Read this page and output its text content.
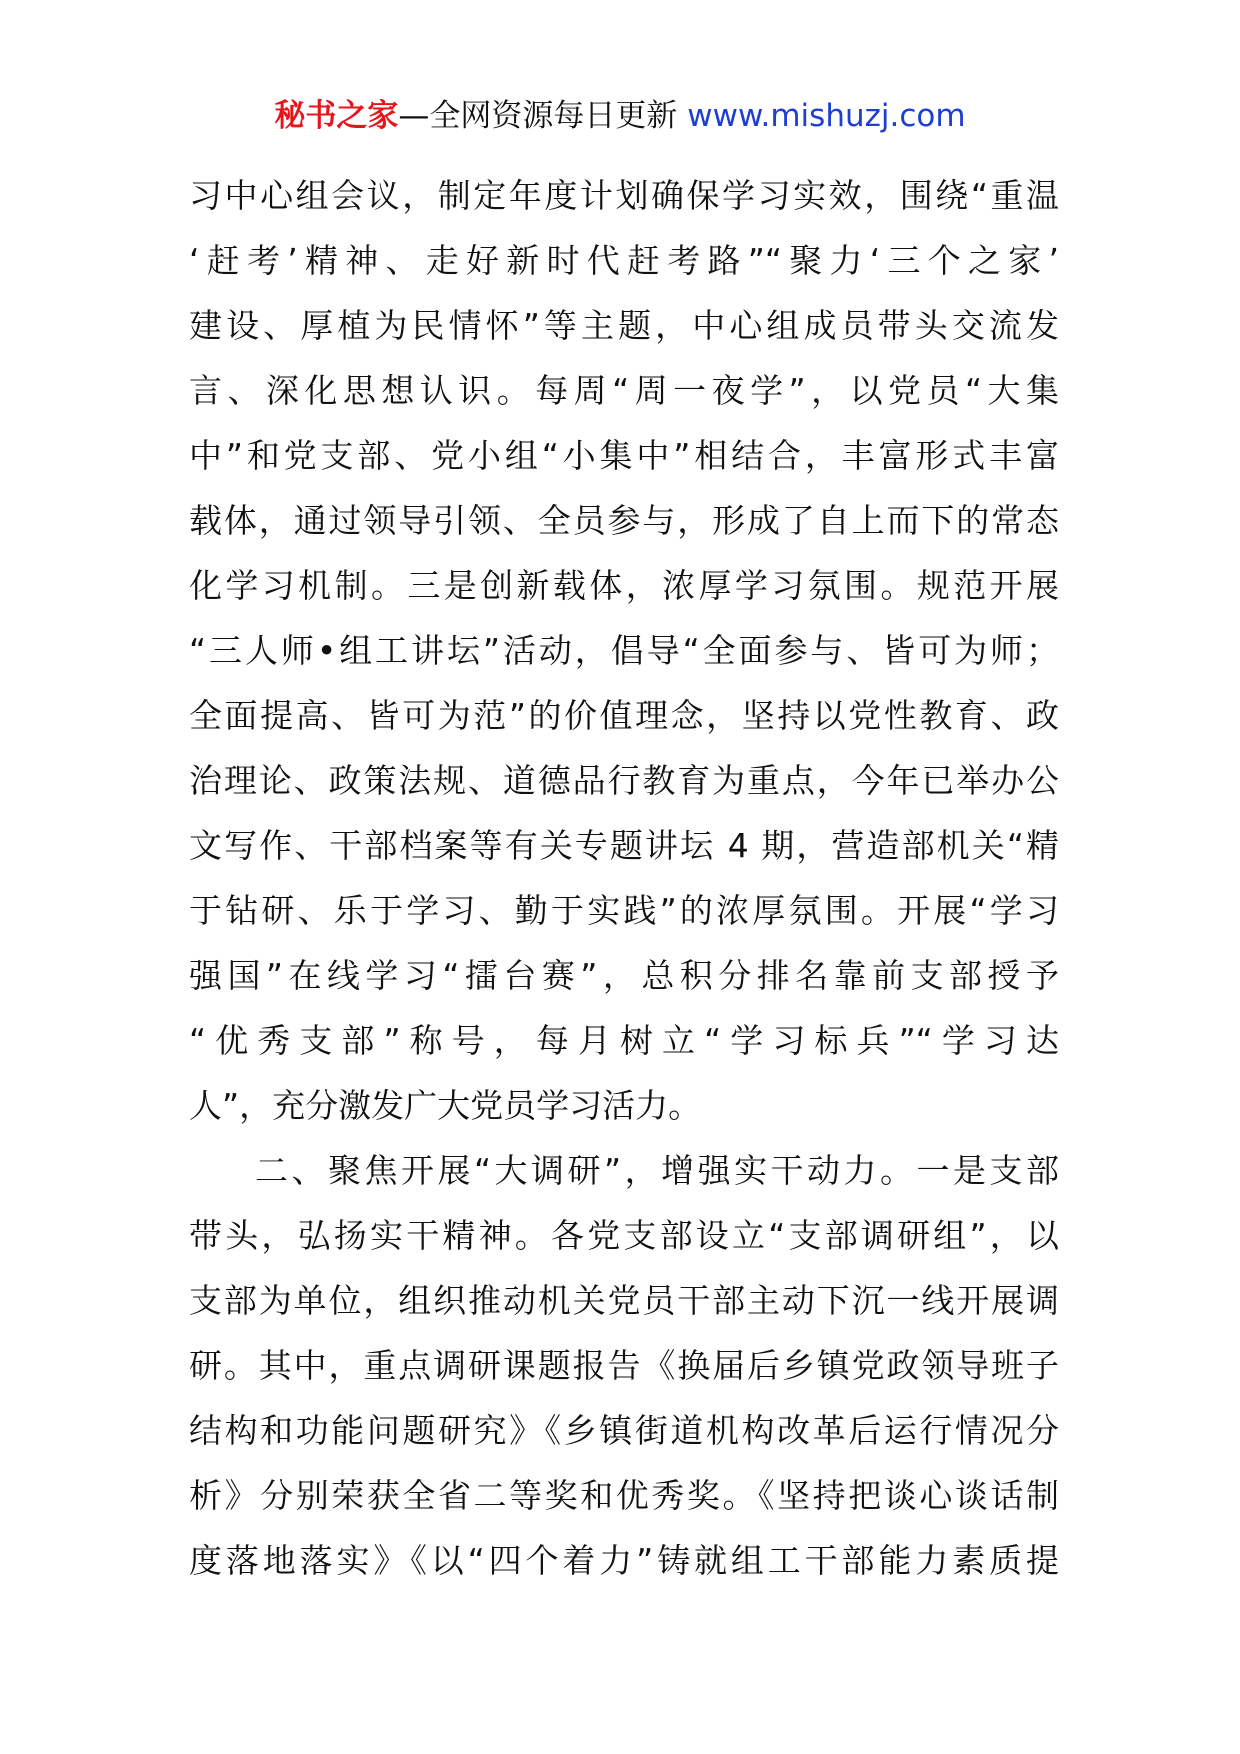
秘书之家—全网资源每日更新 www.mishuzj.com
习中心组会议，制定年度计划确保学习实效，围绕“重温
‘赶考’精神、走好新时代赶考路”“聚力‘三个之家’
建设、厚植为民情怀”等主题，中心组成员带头交流发
言、深化思想认识。每周“周一夜学”，以党员“大集
中”和党支部、党小组“小集中”相结合，丰富形式丰富
载体，通过领导引领、全员参与，形成了自上而下的常态
化学习机制。三是创新载体，浓厚学习氛围。规范开展
“三人师•组工讲坛”活动，倡导“全面参与、皆可为师；
全面提高、皆可为范”的价值理念，坚持以党性教育、政
治理论、政策法规、道德品行教育为重点，今年已举办公
文写作、干部档案等有关专题讲坛 4 期，营造部机关“精
于钻研、乐于学习、勤于实践”的浓厚氛围。开展“学习
强国”在线学习“擂台赛”，总积分排名靠前支部授予
“优秀支部”称号，每月树立“学习标兵”“学习达
人”，充分激发广大党员学习活力。
二、聚焦开展“大调研”，增强实干动力。一是支部
带头，弘扬实干精神。各党支部设立“支部调研组”，以
支部为单位，组织推动机关党员干部主动下沉一线开展调
研。其中，重点调研课题报告《换届后乡镇党政领导班子
结构和功能问题研究》《乡镇街道机构改革后运行情况分
析》分别荣获全省二等奖和优秀奖。《坚持把谈心谈话制
度落地落实》《以“四个着力”铸就组工干部能力素质提
